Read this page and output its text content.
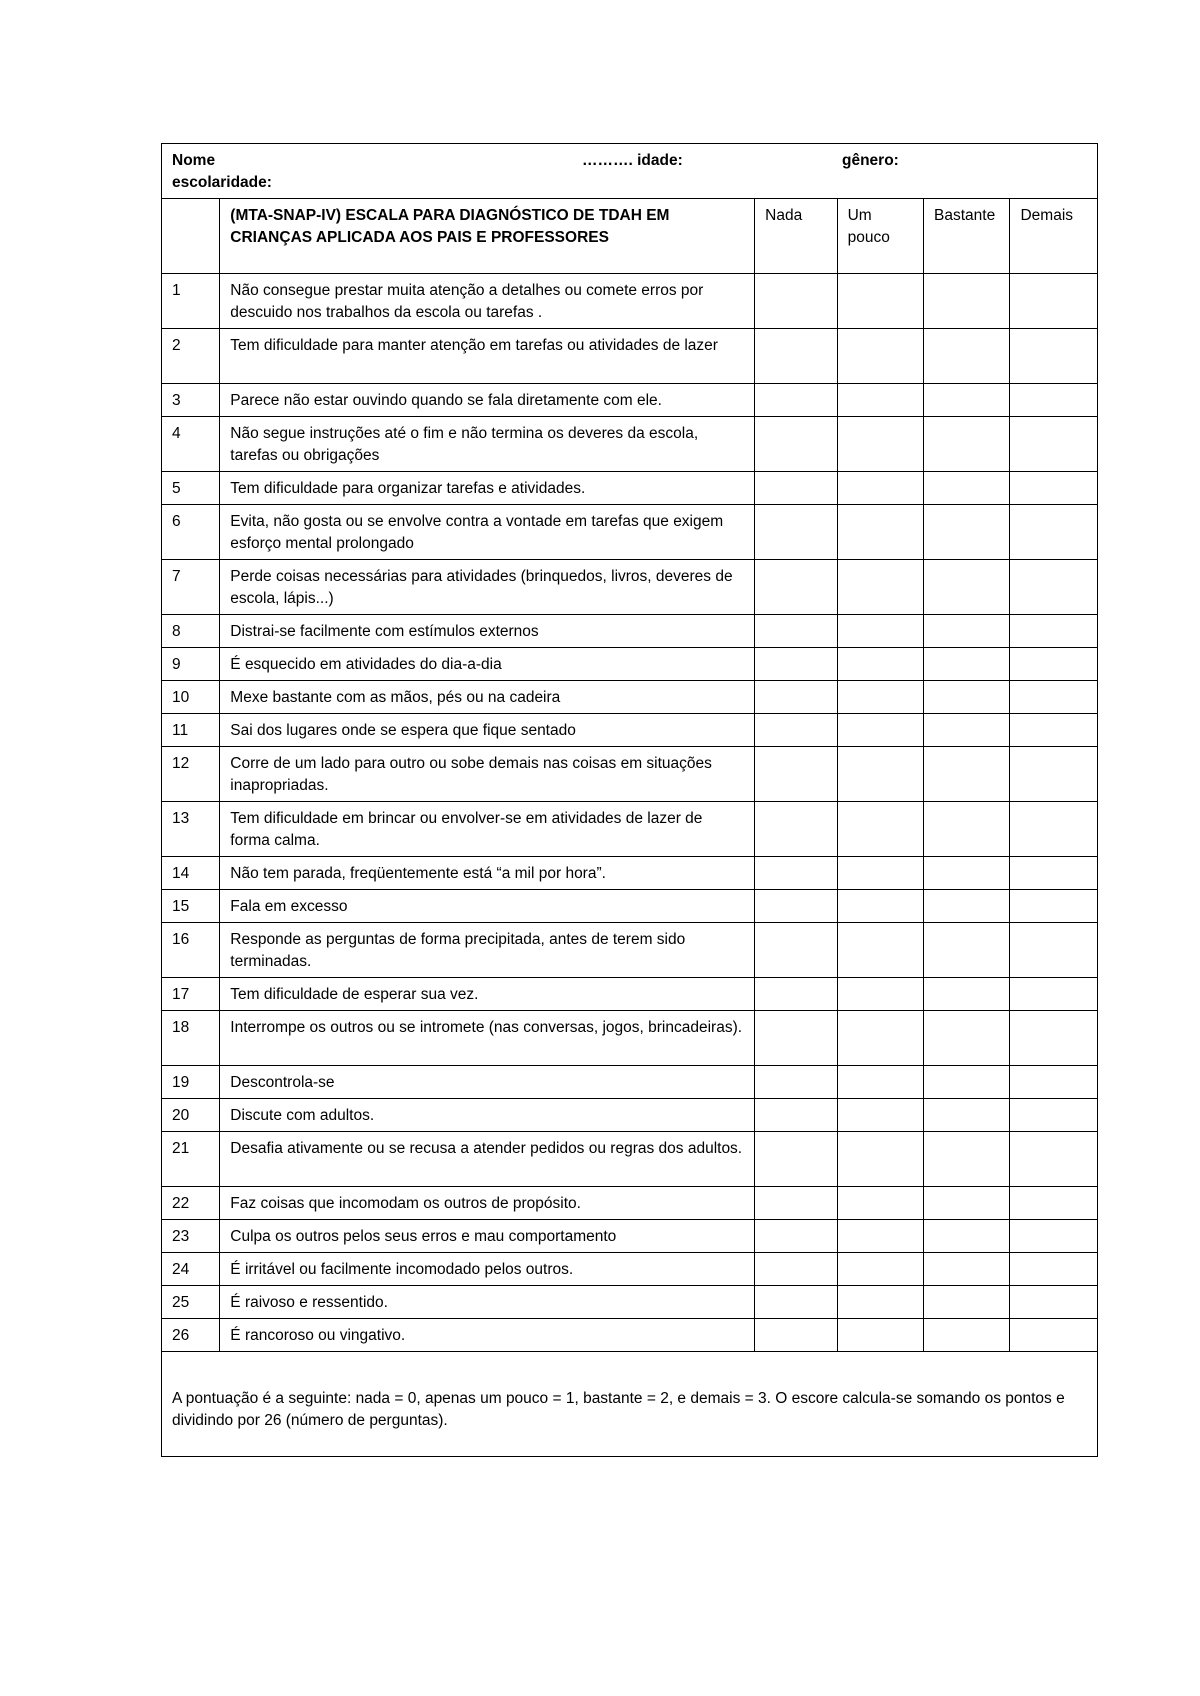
Nome ………. idade: gênero:
escolaridade:					

	(MTA-SNAP-IV) ESCALA PARA DIAGNÓSTICO DE TDAH EM CRIANÇAS APLICADA AOS PAIS E PROFESSORES	Nada	Um pouco	Bastante	Demais
1	Não consegue prestar muita atenção a detalhes ou comete erros por descuido nos trabalhos da escola ou tarefas .				
2	Tem dificuldade para manter atenção em tarefas ou atividades de lazer				
3	Parece não estar ouvindo quando se fala diretamente com ele.				
4	Não segue instruções até o fim e não termina os deveres da escola, tarefas ou obrigações				
5	Tem dificuldade para organizar tarefas e atividades.				
6	Evita, não gosta ou se envolve contra a vontade em tarefas que exigem esforço mental prolongado				
7	Perde coisas necessárias para atividades (brinquedos, livros, deveres de escola, lápis...)				
8	Distrai-se facilmente com estímulos externos				
9	É esquecido em atividades do dia-a-dia				
10	Mexe bastante com as mãos, pés ou na cadeira				
11	Sai dos lugares onde se espera que fique sentado				
12	Corre de um lado para outro ou sobe demais nas coisas em situações inapropriadas.				
13	Tem dificuldade em brincar ou envolver-se em atividades de lazer de forma calma.				
14	Não tem parada, freqüentemente está “a mil por hora”.				
15	Fala em excesso				
16	Responde as perguntas de forma precipitada, antes de terem sido terminadas.				
17	Tem dificuldade de esperar sua vez.				
18	Interrompe os outros ou se intromete (nas conversas, jogos, brincadeiras).				
19	Descontrola-se				
20	Discute com adultos.				
21	Desafia ativamente ou se recusa a atender pedidos ou regras dos adultos.				
22	Faz coisas que incomodam os outros de propósito.				
23	Culpa os outros pelos seus erros e mau comportamento				
24	É irritável ou facilmente incomodado pelos outros.				
25	É raivoso e ressentido.				
26	É rancoroso ou vingativo.				
A pontuação é a seguinte: nada = 0, apenas um pouco = 1, bastante = 2, e demais = 3. O escore calcula-se somando os pontos e dividindo por 26 (número de perguntas).					
